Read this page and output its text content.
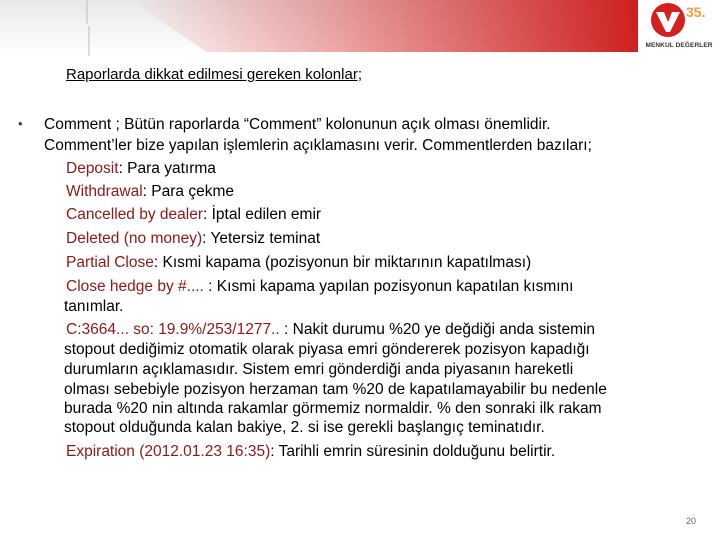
35.
MENKUL DEĞERLER
Raporlarda dikkat edilmesi gereken kolonlar;
• Comment ; Bütün raporlarda “Comment” kolonunun açık olması önemlidir.
Comment’ler bize yapılan işlemlerin açıklamasını verir. Commentlerden bazıları;
Deposit: Para yatırma
Withdrawal: Para çekme
Cancelled by dealer: İptal edilen emir
Deleted (no money): Yetersiz teminat
Partial Close: Kısmi kapama (pozisyonun bir miktarının kapatılması)
Close hedge by #.... : Kısmi kapama yapılan pozisyonun kapatılan kısmını
tanımlar.
C:3664... so: 19.9%/253/1277.. : Nakit durumu %20 ye değdiği anda sistemin
stopout dediğimiz otomatik olarak piyasa emri göndererek pozisyon kapadığı
durumların açıklamasıdır. Sistem emri gönderdiği anda piyasanın hareketli
olması sebebiyle pozisyon herzaman tam %20 de kapatılamayabilir bu nedenle
burada %20 nin altında rakamlar görmemiz normaldir. % den sonraki ilk rakam
stopout olduğunda kalan bakiye, 2. si ise gerekli başlangıç teminatıdır.
Expiration (2012.01.23 16:35): Tarihli emrin süresinin dolduğunu belirtir.
20
